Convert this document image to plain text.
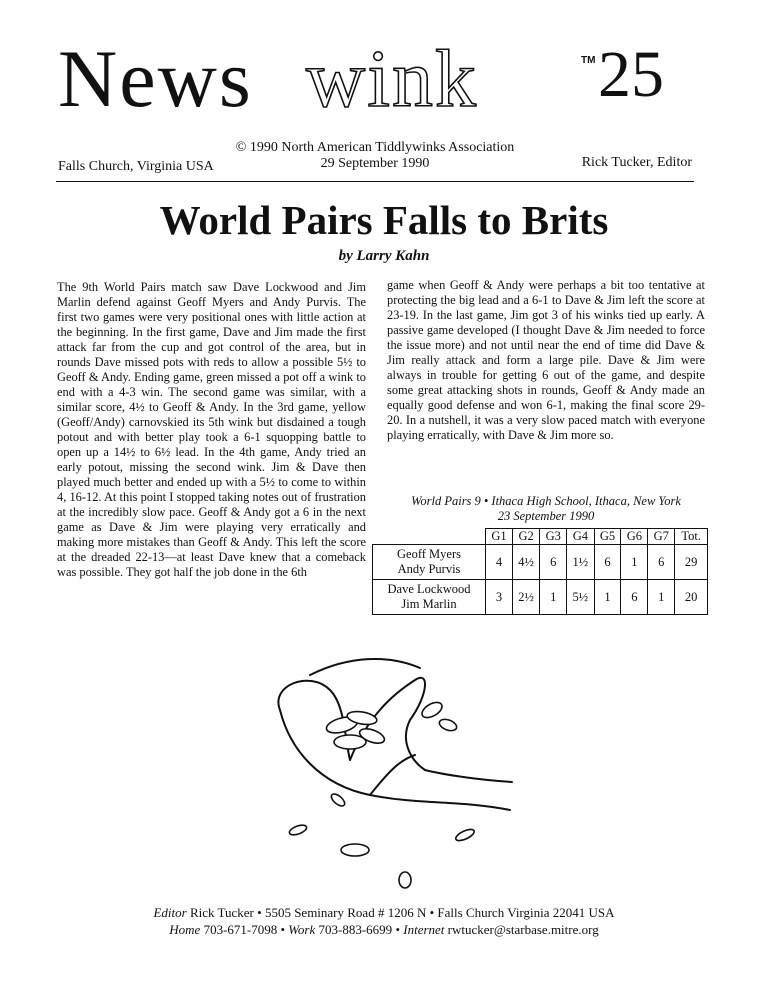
News wink	TM 25
© 1990 North American Tiddlywinks Association
29 September 1990
Falls Church, Virginia USA	Rick Tucker, Editor
World Pairs Falls to Brits
by Larry Kahn

The 9th World Pairs match saw Dave Lockwood and Jim Marlin defend against Geoff Myers and Andy Purvis. The first two games were very positional ones with little action at the beginning. In the first game, Dave and Jim made the first attack far from the cup and got control of the area, but in rounds Dave missed pots with reds to allow a possible 5½ to Geoff & Andy. Ending game, green missed a pot off a wink to end with a 4-3 win. The second game was similar, with a similar score, 4½ to Geoff & Andy. In the 3rd game, yellow (Geoff/Andy) carnovskied its 5th wink but disdained a tough potout and with better play took a 6-1 squopping battle to open up a 14½ to 6½ lead. In the 4th game, Andy tried an early potout, missing the second wink. Jim & Dave then played much better and ended up with a 5½ to come to within 4, 16-12. At this point I stopped taking notes out of frustration at the incredibly slow pace. Geoff & Andy got a 6 in the next game as Dave & Jim were playing very erratically and making more mistakes than Geoff & Andy. This left the score at the dreaded 22-13—at least Dave knew that a comeback was possible. They got half the job done in the 6th

game when Geoff & Andy were perhaps a bit too tentative at protecting the big lead and a 6-1 to Dave & Jim left the score at 23-19. In the last game, Jim got 3 of his winks tied up early. A passive game developed (I thought Dave & Jim needed to force the issue more) and not until near the end of time did Dave & Jim really attack and form a large pile. Dave & Jim were always in trouble for getting 6 out of the game, and despite some great attacking shots in rounds, Geoff & Andy made an equally good defense and won 6-1, making the final score 29-20. In a nutshell, it was a very slow paced match with everyone playing erratically, with Dave & Jim more so.

World Pairs 9 • Ithaca High School, Ithaca, New York
23 September 1990
	G1	G2	G3	G4	G5	G6	G7	Tot.

Geoff Myers
Andy Purvis	4	4½	6	1½	6	1	6	29

Dave Lockwood
Jim Marlin	3	2½	1	5½	1	6	1	20
Editor Rick Tucker • 5505 Seminary Road # 1206 N • Falls Church Virginia 22041 USA
Home 703-671-7098 • Work 703-883-6699 • Internet rwtucker@starbase.mitre.org
